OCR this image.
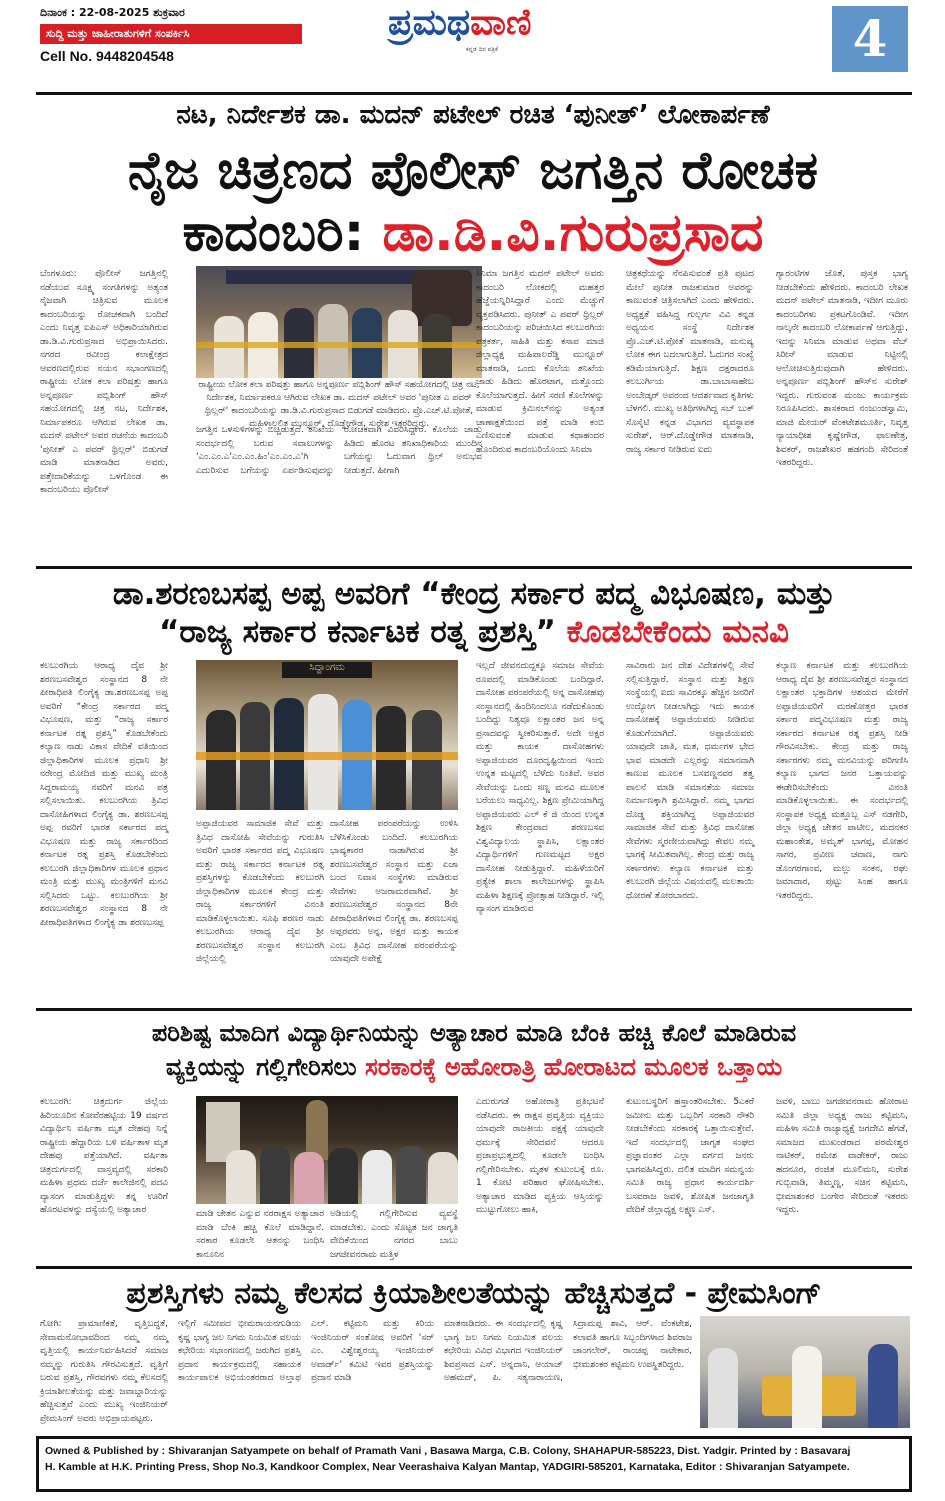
ದಿನಾಂಕ : 22-08-2025 ಶುಕ್ರವಾರ
ಸುದ್ದಿ ಮತ್ತು ಜಾಹೀರಾತುಗಳಿಗೆ ಸಂಪರ್ಕಿಸಿ
Cell No. 9448204548
ಪ್ರಮಥವಾಣಿ
ಕನ್ನಡ ದಿನ ಪತ್ರಿಕೆ	4
ನಟ, ನಿರ್ದೇಶಕ ಡಾ. ಮದನ್ ಪಟೇಲ್ ರಚಿತ ‘ಪುನೀತ್’ ಲೋಕಾರ್ಪಣೆ
ನೈಜ ಚಿತ್ರಣದ ಪೊಲೀಸ್ ಜಗತ್ತಿನ ರೋಚಕ
ಕಾದಂಬರಿ: ಡಾ.ಡಿ.ವಿ.ಗುರುಪ್ರಸಾದ
ಬೆಂಗಳೂರು: ಪೊಲೀಸ್ ಜಗತ್ತಿನಲ್ಲಿ ನಡೆಯುವ ಸೂಕ್ಷ್ಮ ಸಂಗತಿಗಳನ್ನು ಅತ್ಯಂತ ನೈಜವಾಗಿ ಚಿತ್ರಿಸುವ ಮೂಲಕ ಕಾದಂಬರಿಯನ್ನು ರೋಚಕವಾಗಿ ಬಂದಿದೆ ಎಂದು ನಿವೃತ್ತ ಐಪಿಎಸ್ ಅಧಿಕಾರಿಯಾಗಿರುವ ಡಾ.ಡಿ.ವಿ.ಗುರುಪ್ರಸಾದ ಅಭಿಪ್ರಾಯಿಸಿದರು. ನಗರದ ರವೀಂದ್ರ ಕಲಾಕ್ಷೇತ್ರದ ಆವರಣದಲ್ಲಿರುವ ನಯನ ಸಭಾಂಗಣದಲ್ಲಿ ರಾಷ್ಟ್ರೀಯ ಲೋಕ ಕಲಾ ಪರಿಷತ್ತು ಹಾಗೂ ಅನ್ನಪೂರ್ಣ ಪಬ್ಲಿಶಿಂಗ್ ಹೌಸ್ ಸಹಯೋಗದಲ್ಲಿ ಚಿತ್ರ ನಟ, ನಿರ್ದೇಶಕ, ನಿರ್ಮಾಪಕರೂ ಆಗಿರುವ ಲೇಖಕ ಡಾ. ಮದನ್ ಪಟೇಲ್ ಅವರ ರಚನೆಯ ಕಾದಂಬರಿ 'ಪುನೀತ್ ಎ ಪವರ್ ಥ್ರಿಲ್ಲರ್' ಬಿಡುಗಡೆ ಮಾಡಿ ಮಾತನಾಡಿದ ಅವರು, ಪತ್ತೇದಾರಿಕೆಯನ್ನು ಒಳಗೊಂಡ ಈ ಕಾದಂಬರಿಯು ಪೊಲೀಸ್
ರಾಷ್ಟ್ರೀಯ ಲೋಕ ಕಲಾ ಪರಿಷತ್ತು ಹಾಗೂ ಅನ್ನಪೂರ್ಣ ಪಬ್ಲಿಶಿಂಗ್ ಹೌಸ್ ಸಹಯೋಗದಲ್ಲಿ ಚಿತ್ರ ನಟ, ನಿರ್ದೇಶಕ, ನಿರ್ಮಾಪಕರೂ ಆಗಿರುವ ಲೇಖಕ ಡಾ. ಮದನ್ ಪಟೇಲ್ ಅವರ 'ಪುನೀತ ಎ ಪವರ್ ಥ್ರಿಲ್ಲರ್' ಕಾದಂಬರಿಯನ್ನು ಡಾ.ಡಿ.ವಿ.ಗುರುಪ್ರಸಾದ ಬಿಡುಗಡೆ ಮಾಡಿದರು. ಪ್ರೊ.ಎಚ್.ಟಿ.ಪೋತೆ, ಮಹಿಳಾಲಲಿತ ಮುನ್ಸೂರ್, ದೊಡ್ಡೇಗೌಡ, ಸುರೇಶ ಇತರರಿದ್ದರು.
ಜಗತ್ತಿನ ಒಳಸುಳಿಗಳನ್ನು ಬಿಚ್ಚಿಡುತ್ತದೆ. ತನಿಖೆಯ ಸಂದರ್ಭದಲ್ಲಿ ಬರುವ ಸವಾಲುಗಳನ್ನು 'ಎಂ.ಎಂ.ಎ'ಎಂ.ಎಂ.ಹಿಂ'ಎಂ.ಎಂ.ಎ'ಗಿ ಎದುರಿಸುವ ಬಗೆಯನ್ನು ಏರ್ಪಡಿಸುವುದನ್ನು ರೋಚಕವಾಗಿ ವಿವರಿಸಿದ್ದಾರೆ. ಕೊಲೆಯ ಜಾಡು ಹಿಡಿದು ಹೊರಟ ತನಿಖಾಧಿಕಾರಿಯ ಮುಂದಿನ ಬಗೆಯನ್ನು ಓದುವಾಗ ಥ್ರಿಲ್ ಅನುಭವ ನೀಡುತ್ತದೆ. ಹೀಗಾಗಿ
ಸಿನಿಮಾ ಜಗತ್ತಿನ ಮದನ್ ಪಟೇಲ್ ಅವರು ಕಾದಂಬರಿ ಲೋಕದಲ್ಲಿ ಮಹತ್ತರ ಹೆಜ್ಜೆಯನ್ನಿರಿಸಿದ್ದಾರೆ ಎಂದು ಮೆಚ್ಚುಗೆ ವ್ಯಕ್ತಪಡಿಸಿದರು. ಪುನೀತ್ ಎ ಪವರ್ ಥ್ರಿಲ್ಲರ್ ಕಾದಂಬರಿಯನ್ನು ಪರಿಚಯಿಸಿದ ಕಲಬುರಗಿಯ ಪತ್ರಕರ್ತ, ಸಾಹಿತಿ ಮತ್ತು ಕಸಾಪ ಮಾಜಿ ಜಿಲ್ಲಾಧ್ಯಕ್ಷ ಮಹಿಪಾಲರೆಡ್ಡಿ ಮುನ್ನೂರ್ ಮಾತನಾಡಿ, ಒಂದು ಕೊಲೆಯ ತನಿಖೆಯ ಜಾಡು ಹಿಡಿದು ಹೊರಟಾಗ, ಮತ್ತೊಂದು ಕೊಲೆಯಾಗುತ್ತದೆ. ಹೀಗೆ ಸರಣಿ ಕೊಲೆಗಳನ್ನು ಮಾಡುವ ಕ್ರಿಮಿನಲ್‌ನನ್ನು ಅತ್ಯಂತ ಚಾಣಾಕ್ಷತೆಯಿಂದ ಪತ್ತೆ ಮಾಡಿ ಕಂಬಿ ಎಣಿಸುವಂತೆ ಮಾಡುವ ಕಥಾಹಂದರ ಹೊಂದಿರುವ ಕಾದಂಬರಿಯೊಂದು ಸಿನಿಮಾ
ಚಿತ್ರಕಥೆಯನ್ನು ನೆನಪಿಸುವಂತೆ ಪ್ರತಿ ಪುಟದ ಮೇಲೆ ಪುನೀತ ರಾಜಕುಮಾರ ಅವರನ್ನು ಕಾಣುವಂತೆ ಚಿತ್ರಿಸಲಾಗಿದೆ ಎಂದು ಹೇಳಿದರು. ಅಧ್ಯಕ್ಷತೆ ವಹಿಸಿದ್ದ ಗುಲ್ಬರ್ಗ ವಿವಿ ಕನ್ನಡ ಅಧ್ಯಯನ ಸಂಸ್ಥೆ ನಿರ್ದೇಶಕ ಪ್ರೊ.ಎಚ್.ಟಿ.ಪೋತೆ ಮಾತನಾಡಿ, ಮನುಷ್ಯ ಲೋಕ ಈಗ ಬದಲಾಗುತ್ತಿದೆ. ಓದುಗರ ಸಂಖ್ಯೆ ಕಡಿಮೆಯಾಗುತ್ತಿದೆ. ಶಿಕ್ಷಣ ದಕ್ಷರಾದರೂ ಕಲಬುರ್ಗಿಯ ಡಾ.ಬಾಬಾಸಾಹೇಬ ಅಂಬೇಡ್ಕರ್ ಅವರಂದ ಆದರ್ಶವಾದ ಕೃತಿಗಳು ಬೆಳಗಲಿ. ಮುಖ್ಯ ಅತಿಥಿಗಳಾಗಿದ್ದ ಸಬ್ ಬುಕ್ ಸೊಸೈಟಿ ಕನ್ನಡ ವಿಭಾಗದ ವ್ಯವಸ್ಥಾಪಕ ಸುರೇಶ್, ಆರ್.ದೊಡ್ಡೇಗೌಡ ಮಾತನಾಡಿ, ರಾಜ್ಯ ಸರ್ಕಾರ ನೀಡಿರುವ ಐದು
ಗ್ಯಾರಂಟಿಗಳ ಜೊತೆ, ಪುಸ್ತಕ ಭಾಗ್ಯ ನೀಡಬೇಕೆಂದು ಹೇಳಿದರು. ಕಾದಂಬರಿ ಲೇಖಕ ಮದನ್ ಪಟೇಲ್ ಮಾತನಾಡಿ, ಇದೀಗ ಮೂರು ಕಾದಂಬರಿಗಳು ಪ್ರಕಟಗೊಂಡಿವೆ. ಇದೀಗ ನಾಲ್ಕನೇ ಕಾದಂಬರಿ ಲೋಕಾರ್ಪಣೆ ಆಗುತ್ತಿದ್ದು, ಇದನ್ನು ಸಿನಿಮಾ ಮಾಡುವ ಅಥವಾ ವೆಬ್ ಸಿರೀಸ್ ಮಾಡುವ ನಿಟ್ಟಿನಲ್ಲಿ ಆಲೋಚಿಸುತ್ತಿರುವುದಾಗಿ ಹೇಳಿದರು. ಅನ್ನಪೂರ್ಣ ಪಬ್ಲಿಶಿಂಗ್ ಹೌಸ್‌ನ ಸುರೇಶ್ ಇದ್ದರು. ಗುರುವಂಶ ಮಂಜು ಕಾರ್ಯಕ್ರಮ ನಿರೂಪಿಸಿದರು. ಶಾಸಕರಾದ ನಂಜುಂಡಸ್ವಾಮಿ, ಮಾಜಿ ಮೇಯರ್ ವೆಂಕಟೇಶಮೂರ್ತಿ, ನಿವೃತ್ತ ನ್ಯಾಯಾಧೀಶ ಕೃಷ್ಣೇಗೌಡ, ಫಾಲಣೇತ್ರ, ಶಿವಕರ್, ರಾಜಶೇಖರ ಹಡಗಂದಿ ಸೇರಿದಂತೆ ಇತರರಿದ್ದರು.
ಡಾ.ಶರಣಬಸಪ್ಪ ಅಪ್ಪ ಅವರಿಗೆ “ಕೇಂದ್ರ ಸರ್ಕಾರ ಪದ್ಮ ವಿಭೂಷಣ, ಮತ್ತು
“ರಾಜ್ಯ ಸರ್ಕಾರ ಕರ್ನಾಟಕ ರತ್ನ ಪ್ರಶಸ್ತಿ” ಕೊಡಬೇಕೆಂದು ಮನವಿ
ಕಲಬುರಗಿಯ ಆರಾಧ್ಯ ದೈವ ಶ್ರೀ ಶರಣಬಸವೇಶ್ವರ ಸಂಸ್ಥಾನದ 8 ನೇ ಪೀಠಾಧಿಪತಿ ಲಿಂಗೈಕ್ಯ ಡಾ.ಶರಣಬಸಪ್ಪ ಅಪ್ಪ ಅವರಿಗೆ “ಕೇಂದ್ರ ಸರ್ಕಾರದ ಪದ್ಮ ವಿಭೂಷಣ, ಮತ್ತು “ರಾಜ್ಯ ಸರ್ಕಾರ ಕರ್ನಾಟಕ ರತ್ನ ಪ್ರಶಸ್ತಿ” ಕೊಡಬೇಕೆಂದು ಕಲ್ಯಾಣ ನಾಡು ವಿಕಾಸ ವೇದಿಕೆ ವತಿಯಿಂದ ಜಿಲ್ಲಾಧಿಕಾರಿಗಳ ಮೂಲಕ ಪ್ರಧಾನಿ ಶ್ರೀ ನರೇಂದ್ರ ಮೋದಿಜಿ ಮತ್ತು ಮುಖ್ಯ ಮಂತ್ರಿ ಸಿದ್ದರಾಮಯ್ಯ ನವರಿಗೆ ಮನವಿ ಪತ್ರ ಸಲ್ಲಿಸಲಾಯಿತು. ಕಲಬುರಗಿಯ ತ್ರಿವಿಧ ದಾಸೋಹಿಗಳಾದ ಲಿಂಗೈಕ್ಯ ಡಾ. ಶರಣಬಸಪ್ಪ ಅಪ್ಪ ರವರಿಗೆ ಭಾರತ ಸರ್ಕಾರದ ಪದ್ಮ ವಿಭೂಷಣ ಮತ್ತು ರಾಜ್ಯ ಸರ್ಕಾರದಿಂದ ಕರ್ನಾಟಕ ರತ್ನ ಪ್ರಶಸ್ತಿ ಕೊಡಬೇಕೆಂದು ಕಲಬುರಗಿ ಜಿಲ್ಲಾಧಿಕಾರಿಗಳ ಮೂಲಕ ಪ್ರಧಾನ ಮಂತ್ರಿ ಮತ್ತು ಮುಖ್ಯ ಮಂತ್ರಿಗಳಿಗೆ ಮನವಿ ಸಲ್ಲಿಸಿದರು ಒಟ್ಟು. ಕಲಬುರಗಿಯ ಶ್ರೀ ಶರಣಬಸವೇಶ್ವರ ಸಂಸ್ಥಾನದ 8 ನೇ ಪೀಠಾಧಿಪತಿಗಳಾದ ಲಿಂಗೈಕ್ಯ ಡಾ ಶರಣಬಸಪ್ಪ
ಸಿದ್ದಾಂಗಮ
ಅಪ್ಪಾಜಿಯವರ ಸಾಮಾಜಿಕ ಸೇವೆ ಮತ್ತು ತ್ರಿವಿಧ ದಾಸೋಹಿ ಸೇವೆಯನ್ನು ಗುರುತಿಸಿ ಅವರಿಗೆ ಭಾರತ ಸರ್ಕಾರದ ಪದ್ಮ ವಿಭೂಷಣ ಮತ್ತು ರಾಜ್ಯ ಸರ್ಕಾರದ ಕರ್ನಾಟಕ ರತ್ನ ಪ್ರಶಸ್ತಿಗಳನ್ನು ಕೊಡಬೇಕೆಂದು ಕಲಬುರಗಿ ಜಿಲ್ಲಾಧಿಕಾರಿಗಳ ಮೂಲಕ ಕೇಂದ್ರ ಮತ್ತು ರಾಜ್ಯ ಸರ್ಕಾರಗಳಿಗೆ ವಿನಂತಿ ಮಾಡಿಕೊಳ್ಳಲಾಯಿತು. ಸೂಫಿ ಶರಣರ ನಾಡು ಕಲಬುರಗಿಯ ಆರಾಧ್ಯ ದೈವ ಶ್ರೀ ಶರಣಬಸವೇಶ್ವರ ಸಂಸ್ಥಾನ ಕಲಬುರಗಿ ಜಿಲ್ಲೆಯಲ್ಲಿ
ದಾಸೋಹ ಪರಂಪರೆಯನ್ನು ಉಳಿಸಿ ಬೆಳೆಸಿಕೊಂಡು ಬಂದಿದೆ. ಕಲಬುರಗಿಯ ಭಾಷ್ಯಕಾರರ ನಾಡಾಗಿರುವ ಶ್ರೀ ಶರಣಬಸವೇಶ್ವರ ಸಂಸ್ಥಾನ ಮತ್ತು ಏಜಾ ಬಂದ ನಿವಾಸ ಸಂಸ್ಥೆಗಳು ಮಾಡಿರುವ ಸೇವೆಗಳು ಅಜರಾಮರವಾಗಿವೆ. ಶ್ರೀ ಶರಣಬಸವೇಶ್ವರ ಸಂಸ್ಥಾನದ 8ನೇ ಪೀಠಾಧಿಪತಿಗಳಾದ ಲಿಂಗೈಕ್ಯ ಡಾ. ಶರಣಬಸಪ್ಪ ಅಪ್ಪರವರು ಅನ್ನ, ಅಕ್ಷರ ಮತ್ತು ಕಾಯಕ ಎಂಬ ತ್ರಿವಿಧ ದಾಸೋಹ ಪರಂಪರೆಯನ್ನು ಯಾವುದೇ ಅಪೇಕ್ಷೆ
ಇಲ್ಲದೆ ಜೀವನದುದ್ದಕ್ಕೂ ಸಮಾಜ ಸೇವೆಯ ರೂಪದಲ್ಲಿ ಮಾಡಿಕೊಂಡು ಬಂದಿದ್ದಾರೆ. ದಾಸೋಹ ಪರಂಪರೆಯಲ್ಲಿ ಅನ್ನ ದಾಸೋಹವು ಸಂಸ್ಥಾನದಲ್ಲಿ ಹಿಂದಿನಿಂದಲೂ ನಡೆದುಕೊಂಡು ಬಂದಿದ್ದು ನಿತ್ಯವೂ ಲಕ್ಷಾಂತರ ಜನ ಅನ್ನ ಪ್ರಸಾದವನ್ನು ಸ್ವೀಕರಿಸುತ್ತಾರೆ. ಅದೇ ಅಕ್ಷರ ಮತ್ತು ಕಾಯಕ ದಾಸೋಹಗಳು ಅಪ್ಪಾಜಿಯವರ ದೂರದೃಷ್ಟಿಯಿಂದ ಇಂದು ಉನ್ನತ ಮಟ್ಟದಲ್ಲಿ ಬೆಳೆದು ನಿಂತಿವೆ. ಅವರ ಸೇವೆಯನ್ನು ಒಂದು ಸಣ್ಣ ಮನವಿ ಮೂಲಕ ಬರೆಯಲು ಸಾಧ್ಯವಿಲ್ಲ. ಶಿಕ್ಷಣ ಪ್ರೇಮಿಯಾಗಿದ್ದ ಅಪ್ಪಾಜಿಯವರು ಎಲ್ ಕೆ ಜಿ ಯಿಂದ ಉನ್ನತ ಶಿಕ್ಷಣ ಕೇಂದ್ರವಾದ ಶರಣಬಸವ ವಿಶ್ವವಿದ್ಯಾಲಯ ಸ್ಥಾಪಿಸಿ, ಲಕ್ಷಾಂತರ ವಿದ್ಯಾರ್ಥಿಗಳಿಗೆ ಗುಣಮಟ್ಟದ ಅಕ್ಷರ ದಾಸೋಹ ನೀಡುತ್ತಿದ್ದಾರೆ. ಮಹಿಳೆಯರಿಗೆ ಪ್ರತ್ಯೇಕ ಶಾಲಾ ಕಾಲೇಜುಗಳನ್ನು ಸ್ಥಾಪಿಸಿ ಮಹಿಳಾ ಶಿಕ್ಷಣಕ್ಕೆ ಪ್ರೋತ್ಸಾಹ ನೀಡಿದ್ದಾರೆ. ಇಲ್ಲಿ ವ್ಯಾಸಂಗ ಮಾಡಿರುವ
ಸಾವಿರಾರು ಜನ ದೇಶ ವಿದೇಶಗಳಲ್ಲಿ ಸೇವೆ ಸಲ್ಲಿಸುತ್ತಿದ್ದಾರೆ. ಸಂಸ್ಥಾನ ಮತ್ತು ಶಿಕ್ಷಣ ಸಂಸ್ಥೆಯಲ್ಲಿ ಐದು ಸಾವಿರಕ್ಕೂ ಹೆಚ್ಚಿನ ಜನರಿಗೆ ಉದ್ಯೋಗ ನೀಡಲಾಗಿದ್ದು ಇದು ಕಾಯಕ ದಾಸೋಹಕ್ಕೆ ಅಪ್ಪಾಜಿಯವರು ನೀಡಿರುವ ಕೊಡುಗೆಯಾಗಿದೆ. ಅಪ್ಪಾಜಿಯವರು ಯಾವುದೇ ಜಾತಿ, ಮತ, ಧರ್ಮಗಳ ಭೇದ ಭಾವ ಮಾಡದೇ ಎಲ್ಲರನ್ನು ಸಮಾನವಾಗಿ ಕಾಣುವ ಮೂಲಕ ಬಸವಣ್ಣನವರ ತತ್ವ ಪಾಲನೆ ಮಾಡಿ ಸಮಾನತೆಯ ಸಮಾಜ ನಿರ್ಮಾಣಕ್ಕಾಗಿ ಶ್ರಮಿಸಿದ್ದಾರೆ. ನಮ್ಮ ಭಾಗದ ದೊಡ್ಡ ಶಕ್ತಿಯಾಗಿದ್ದ ಅಪ್ಪಾಜಿಯವರ ಸಾಮಾಜಿಕ ಸೇವೆ ಮತ್ತು ತ್ರಿವಿಧ ದಾಸೋಹ ಸೇವೆಗಳು ಸ್ಮರಣೀಯವಾಗಿದ್ದು ಕೇವಲ ನಮ್ಮ ಭಾಗಕ್ಕೆ ಸೀಮಿತವಾಗಿಲ್ಲ. ಕೇಂದ್ರ ಮತ್ತು ರಾಜ್ಯ ಸರ್ಕಾರಗಳು ಕಲ್ಯಾಣ ಕರ್ನಾಟಕ ಮತ್ತು ಕಲಬುರಗಿ ಜಿಲ್ಲೆಯ ವಿಷಯದಲ್ಲಿ ಮಲತಾಯಿ ಧೋರಣೆ ತೋರಬಾರದು.
ಕಲ್ಯಾಣ ಕರ್ನಾಟಕ ಮತ್ತು ಕಲಬುರಗಿಯ ಆರಾಧ್ಯ ದೈವ ಶ್ರೀ ಶರಣಬಸವೇಶ್ವರ ಸಂಸ್ಥಾನದ ಲಕ್ಷಾಂತರ ಭಕ್ತಾದಿಗಳ ಆಶಯದ ಮೇರೆಗೆ ಅಪ್ಪಾಜಿಯವರಿಗೆ ಮರಣೋತ್ತರ ಭಾರತ ಸರ್ಕಾರ ಪದ್ಮವಿಭೂಷಣ ಮತ್ತು ರಾಜ್ಯ ಸರ್ಕಾರದ ಕರ್ನಾಟಕ ರತ್ನ ಪ್ರಶಸ್ತಿ ನೀಡಿ ಗೌರವಿಸಬೇಕು. ಕೇಂದ್ರ ಮತ್ತು ರಾಜ್ಯ ಸರ್ಕಾರಗಳು ನಮ್ಮ ಮನವಿಯನ್ನು ಪರಿಗಣಿಸಿ ಕಲ್ಯಾಣ ಭಾಗದ ಜನರ ಒತ್ತಾಯವನ್ನು ಈಡೇರಿಸಬೇಕೆಂದು ವಿನಂತಿ ಮಾಡಿಕೊಳ್ಳಲಾಯಿತು. ಈ ಸಂದರ್ಭದಲ್ಲಿ ಸಂಸ್ಥಾಪಕ ಅಧ್ಯಕ್ಷ ಮತ್ತೂಬ್ಬ ಎಸ್ ನಡಗೇರಿ, ಜಿಲ್ಲಾ ಅಧ್ಯಕ್ಷ ಚೇತನ ಪಾಟೀಲ, ಮದನಕರ ಮಹಾಂತೇಶ, ಅಮೃತ್ ಭಾಗಪ್ಪ, ಮೋಹನ ಸಾಗರ, ಪ್ರವೀಣ ಚವಾಣ, ನಾಗು ಡೊಂಗರಗಾಂವ, ಮಲ್ಲು ಸಂಕನ, ರಘು ಜಮಾದಾರ, ಪುಟ್ಟು ಸಿಂಹ ಹಾಗೂ ಇತರರಿದ್ದರು.
ಪರಿಶಿಷ್ಟ ಮಾದಿಗ ವಿದ್ಯಾರ್ಥಿನಿಯನ್ನು ಅತ್ಯಾಚಾರ ಮಾಡಿ ಬೆಂಕಿ ಹಚ್ಚಿ ಕೊಲೆ ಮಾಡಿರುವ
ವ್ಯಕ್ತಿಯನ್ನು ಗಲ್ಲಿಗೇರಿಸಲು ಸರಕಾರಕ್ಕೆ ಅಹೋರಾತ್ರಿ ಹೋರಾಟದ ಮೂಲಕ ಒತ್ತಾಯ
ಕಲಬುರಗಿ: ಚಿತ್ರದುರ್ಗ ಜಿಲ್ಲೆಯ ಹಿರಿಯೂರಿನ ಕೋವೆರಹಟ್ಟಿಯ 19 ವರ್ಷದ ವಿದ್ಯಾರ್ಥಿನಿ ವರ್ಷಿತಾ ಮೃತ ದೇಹವು ನಿನ್ನೆ ರಾಷ್ಟ್ರೀಯ ಹೆದ್ದಾರಿಯ ಬಳಿ ವರ್ಷಿತಾಳ ಮೃತ ದೇಹವು ಪತ್ತೆಯಾಗಿದೆ. ವರ್ಷಿತಾ ಚಿತ್ರದುರ್ಗದಲ್ಲಿ ವಾಸ್ತವ್ಯದಲ್ಲಿ ಸರಕಾರಿ ಮಹಿಳಾ ಪ್ರಥಮ ದರ್ಜೆ ಕಾಲೇಜಿನಲ್ಲಿ ಪದವಿ ವ್ಯಾಸಂಗ ಮಾಡುತ್ತಿದ್ದಳು ತನ್ನ ಊರಿಗೆ ಹೊರಟವಳನ್ನು ದಸ್ಯೆಯಲ್ಲಿ ಅತ್ಯಾಚಾರ	ಮಾಡಿ ಚೇತನ ಎನ್ನುವ ನರರಾಕ್ಷಸ ಅತ್ಯಾಚಾರ ಮಾಡಿ ಬೆಂಕಿ ಹಚ್ಚಿ ಕೊಲೆ ಮಾಡಿದ್ದಾನೆ. ಸರಕಾರ ಕೂಡಲೇ ಆತನನ್ನು ಬಂಧಿಸಿ ಕಾನೂನಿನ
ಅಡಿಯಲ್ಲಿ ಗಲ್ಲಿಗೇರಿಸುವ ವ್ಯವಸ್ಥೆ ಮಾಡಬೇಕು. ಎಂದು ಸೊಟ್ಟತ ಜನ ಜಾಗೃತಿ ವೇದಿಕೆಯಿಂದ ನಗರದ ಬಾಬು ಜಗಜೀವನರಾಮ ಮತ್ತಿಳ
ಎದುರುಗಡೆ ಅಹೋರಾತ್ರಿ ಪ್ರತಿಭಟನೆ ನಡೆಸಿದರು. ಈ ರಾಕ್ಷಸ ಪ್ರವೃತ್ತಿಯ ವ್ಯಕ್ತಿಯು ಯಾವುದೇ ರಾಜಕೀಯ ಪಕ್ಷಕ್ಕೆ ಯಾವುದೇ ಧರ್ಮಕ್ಕೆ ಸೇರಿದವನೆ ಆದರೂ ಪ್ರಜಾಪ್ರಭುತ್ವದಲ್ಲಿ ಕೂಡಲೇ ಬಂಧಿಸಿ ಗಲ್ಲಿಗೇರಿಸಬೇಕು. ಮೃತಳ ಕುಟುಂಬಕ್ಕೆ ರೂ. 1 ಕೋಟಿ ಪರಿಹಾರ ಘೋಷಿಸಬೇಕು. ಅತ್ಯಾಚಾರ ಮಾಡಿದ ವ್ಯಕ್ತಿಯ ಆಸ್ತಿಯನ್ನು ಮುಟ್ಟುಗೋಲು ಹಾಕಿ,
ಕುಟುಂಬಸ್ಥರಿಗೆ ಹಸ್ತಾಂತರಿಸಬೇಕು. 5ಎಕರೆ ಜಮೀನು ಮತ್ತು ಒಬ್ಬರಿಗೆ ಸರಕಾರಿ ನೌಕರಿ ನೀಡಬೇಕೆಂದು ಸರಕಾರಕ್ಕೆ ಒತ್ತಾಯಿಸುತ್ತೇವೆ. ಇದೆ ಸಂದರ್ಭದಲ್ಲಿ ಜಾಗೃತ ಸಂಘದ ಪ್ರಜ್ಞಾವಂತರ ಎಲ್ಲಾ ವರ್ಗದ ಜನರು ಭಾಗವಹಿಸಿದ್ದರು. ದಲಿತ ಮಾದಿಗ ಸಮನ್ವಯ ಸಮಿತಿ ರಾಜ್ಯ ಪ್ರಧಾನ ಕಾರ್ಯದರ್ಶಿ ಬಸವರಾಜ ಜವಳಿ, ಶೋಷಿತ ಜನಜಾಗೃತಿ ವೇದಿಕೆ ಜಿಲ್ಲಾಧ್ಯಕ್ಷ ಲಕ್ಷ್ಮಣ ಎಸ್.
ಜವಳಿ, ಬಾಬು ಜಗಜೀವನರಾಮ ಹೋರಾಟ ಸಮಿತಿ ಜಿಲ್ಲಾ ಅಧ್ಯಕ್ಷ ರಾಜು ಕಟ್ಟಿಮನಿ, ಮಹಿಳಾ ಸಮಿತಿ ರಾಜ್ಯಾಧ್ಯಕ್ಷೆ ಜಗದೇವಿ ಹೆಗಡೆ, ಸಮಾಜದ ಮುಖಂಡರಾದ ಪರಮೇಶ್ವರ ನಾಟಿಕರ್, ರಮೇಶ ವಾಡೇಕರ್, ರಾಜು ಹದನೂರ, ರಂಜಿತ ಮೂಲಿಮನಿ, ಸುರೇಶ ಗುಬ್ಬಿವಾಡಿ, ತಿಮ್ಮಣ್ಣ, ಸಚಿನ ಕಟ್ಟಿಮನಿ, ಭೀಮಾಶಂಕರ ಬಂಗೇರ ಸೇರಿದಂತೆ ಇತರರು ಇದ್ದರು.
ಪ್ರಶಸ್ತಿಗಳು ನಮ್ಮ ಕೆಲಸದ ಕ್ರಿಯಾಶೀಲತೆಯನ್ನು ಹೆಚ್ಚಿಸುತ್ತದೆ - ಪ್ರೇಮಸಿಂಗ್
ಗೋಗಿ: ಪ್ರಾಮಾಣಿಕತೆ, ವೃತ್ತಿಬದ್ಧತೆ, ಸೇವಾಮನೋಭಾವದಿಂದ ನಮ್ಮ ನಮ್ಮ ವೃತ್ತಿಯಲ್ಲಿ ಕಾರ್ಯನಿರ್ವಹಿಸಿದರೆ ಸಮಾಜ ನಮ್ಮನ್ನು ಗುರುತಿಸಿ ಗೌರವಿಸುತ್ತದೆ. ವೃತ್ತಿಗೆ ಬರುವ ಪ್ರಶಸ್ತಿ, ಗೌರವಗಳು ನಮ್ಮ ಕೆಲಸದಲ್ಲಿ ಕ್ರಿಯಾಶೀಲತೆಯನ್ನು ಮತ್ತು ಜವಾಬ್ದಾರಿಯನ್ನು ಹೆಚ್ಚಿಸುತ್ತವೆ ಎಂದು ಮುಖ್ಯ ಇಂಜಿನಿಯರ್ ಪ್ರೇಮಸಿಂಗ್ ಅವರು ಅಭಿಪ್ರಾಯಪಟ್ಟರು.
ಇಲ್ಲಿಗೆ ಸಮೀಪದ ಭೀಮರಾಯನಗುಡಿಯ ಕೃಷ್ಣ ಭಾಗ್ಯ ಜಲ ನಿಗಮ ನಿಯಮಿತ ವಲಯ ಕಛೇರಿಯ ಸಭಾಂಗಣದಲ್ಲಿ ಜರುಗಿದ ಪ್ರಶಸ್ತಿ ಪ್ರದಾನ ಕಾರ್ಯಕ್ರಮದಲ್ಲಿ ಸಹಾಯಕ ಕಾರ್ಯಪಾಲಕ ಅಭಿಯಂತರರಾದ ಅಲ್ತಾಫ ಎಲ್. ಕಟ್ಟಿಮನಿ ಮತ್ತು ಕಿರಿಯ ಇಂಜಿನಿಯರ್ ಸಂತೋಷ ಅವರಿಗೆ ‘ಸರ್ ಎಂ. ವಿಶ್ವೇಶ್ವರಯ್ಯ ಇಂಜಿನಿಯರ್ ಅವಾರ್ಡ್’ ಕಮಿಟಿ ಇವರ ಪ್ರಶಸ್ತಿಯನ್ನು ಪ್ರದಾನ ಮಾಡಿ
ಮಾತನಾಡಿದರು. ಈ ಸಂದರ್ಭದಲ್ಲಿ ಕೃಷ್ಣ ಭಾಗ್ಯ ಜಲ ನಿಗಮ ನಿಯಮಿತ ವಲಯ ಕಛೇರಿಯ ವಿವಿಧ ವಿಭಾಗದ ಇಂಜಿನಿಯರ್ ಶಿವಪ್ರಸಾದ ಎಸ್. ಅನ್ನದಾನಿ, ಆಯಾಜ್ ಅಹಮದ್, ಪಿ. ಸತ್ಯನಾರಾಯಣ, ಸಿದ್ರಾಮಪ್ಪ ಶಾವಿ, ಆರ್. ವೆಂಕಟೇಶ, ಕಲಾವತಿ ಹಾಗೂ ಸಿಬ್ಬಂದಿಗಳಾದ ಶಿವರಾಜ ಚಾಂಗಲೇರ್, ರಾಂಚಪ್ಪ ನಾಟೇಕಾರ, ಭೀಮಶಂಕರ ಕಟ್ಟಿಮನಿ ಉಪಸ್ಥಿತರಿದ್ದರು.
Owned & Published by : Shivaranjan Satyampete on behalf of Pramath Vani , Basawa Marga, C.B. Colony, SHAHAPUR-585223, Dist. Yadgir. Printed by : Basavaraj
H. Kamble at H.K. Printing Press, Shop No.3, Kandkoor Complex, Near Veerashaiva Kalyan Mantap, YADGIRI-585201, Karnataka, Editor : Shivaranjan Satyampete.
